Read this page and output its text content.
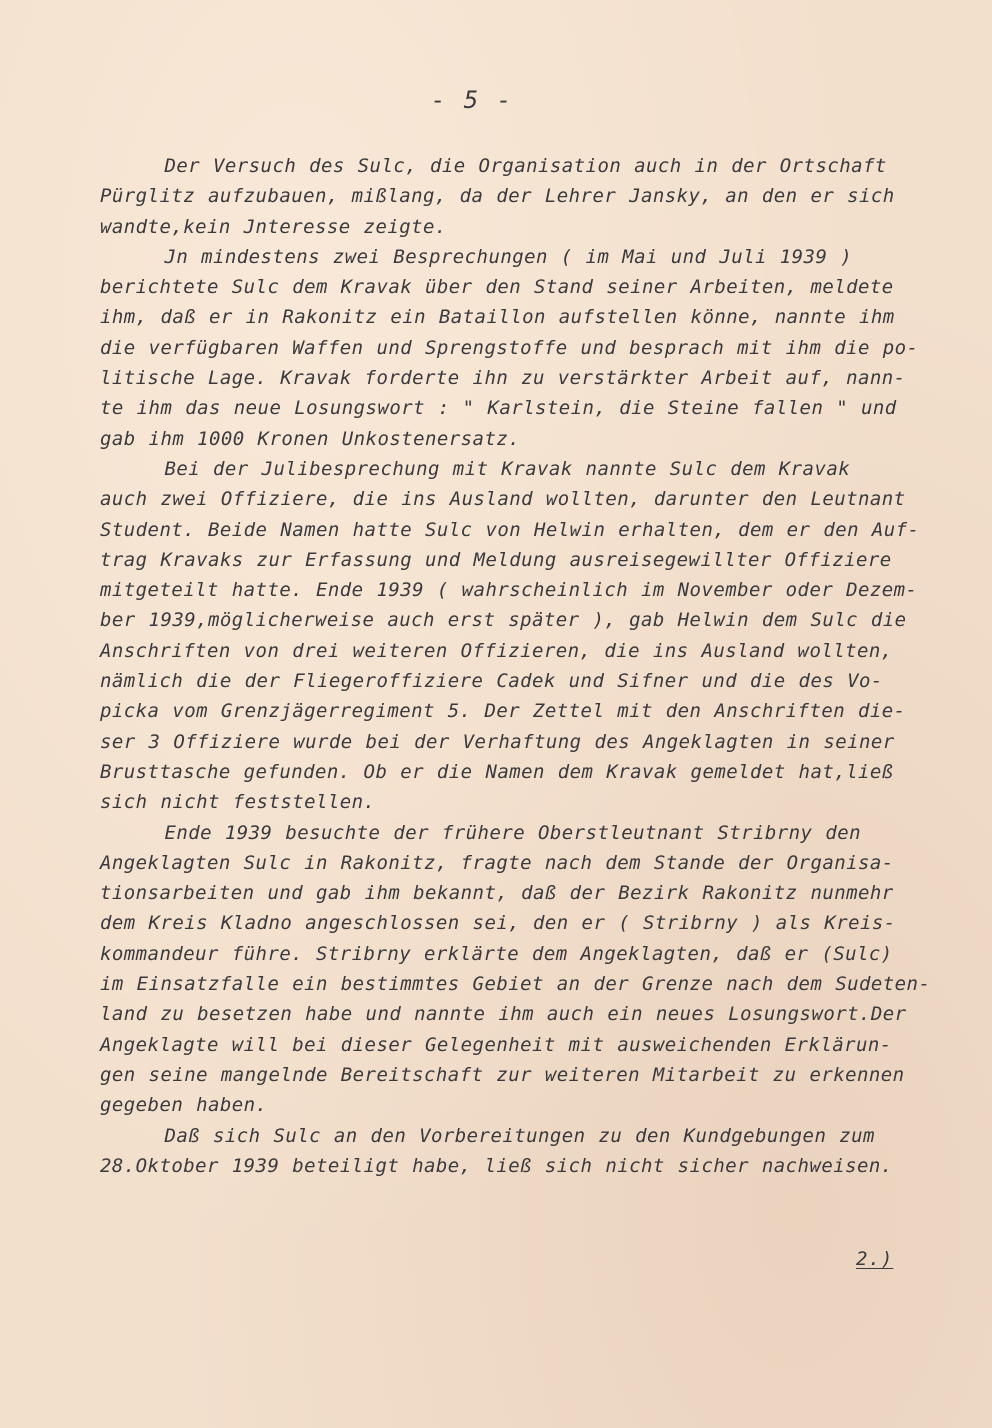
- 5 -
Der Versuch des Sulc, die Organisation auch in der Ortschaft
Pürglitz aufzubauen, mißlang, da der Lehrer Jansky, an den er sich
wandte,kein Jnteresse zeigte.
Jn mindestens zwei Besprechungen ( im Mai und Juli 1939 )
berichtete Sulc dem Kravak über den Stand seiner Arbeiten, meldete
ihm, daß er in Rakonitz ein Bataillon aufstellen könne, nannte ihm
die verfügbaren Waffen und Sprengstoffe und besprach mit ihm die po-
litische Lage. Kravak forderte ihn zu verstärkter Arbeit auf, nann-
te ihm das neue Losungswort : " Karlstein, die Steine fallen " und
gab ihm 1000 Kronen Unkostenersatz.
Bei der Julibesprechung mit Kravak nannte Sulc dem Kravak
auch zwei Offiziere, die ins Ausland wollten, darunter den Leutnant
Student. Beide Namen hatte Sulc von Helwin erhalten, dem er den Auf-
trag Kravaks zur Erfassung und Meldung ausreisegewillter Offiziere
mitgeteilt hatte. Ende 1939 ( wahrscheinlich im November oder Dezem-
ber 1939,möglicherweise auch erst später ), gab Helwin dem Sulc die
Anschriften von drei weiteren Offizieren, die ins Ausland wollten,
nämlich die der Fliegeroffiziere Cadek und Sifner und die des Vo-
picka vom Grenzjägerregiment 5. Der Zettel mit den Anschriften die-
ser 3 Offiziere wurde bei der Verhaftung des Angeklagten in seiner
Brusttasche gefunden. Ob er die Namen dem Kravak gemeldet hat,ließ
sich nicht feststellen.
Ende 1939 besuchte der frühere Oberstleutnant Stribrny den
Angeklagten Sulc in Rakonitz, fragte nach dem Stande der Organisa-
tionsarbeiten und gab ihm bekannt, daß der Bezirk Rakonitz nunmehr
dem Kreis Kladno angeschlossen sei, den er ( Stribrny ) als Kreis-
kommandeur führe. Stribrny erklärte dem Angeklagten, daß er (Sulc)
im Einsatzfalle ein bestimmtes Gebiet an der Grenze nach dem Sudeten-
land zu besetzen habe und nannte ihm auch ein neues Losungswort.Der
Angeklagte will bei dieser Gelegenheit mit ausweichenden Erklärun-
gen seine mangelnde Bereitschaft zur weiteren Mitarbeit zu erkennen
gegeben haben.
Daß sich Sulc an den Vorbereitungen zu den Kundgebungen zum
28.Oktober 1939 beteiligt habe, ließ sich nicht sicher nachweisen.
2.)
